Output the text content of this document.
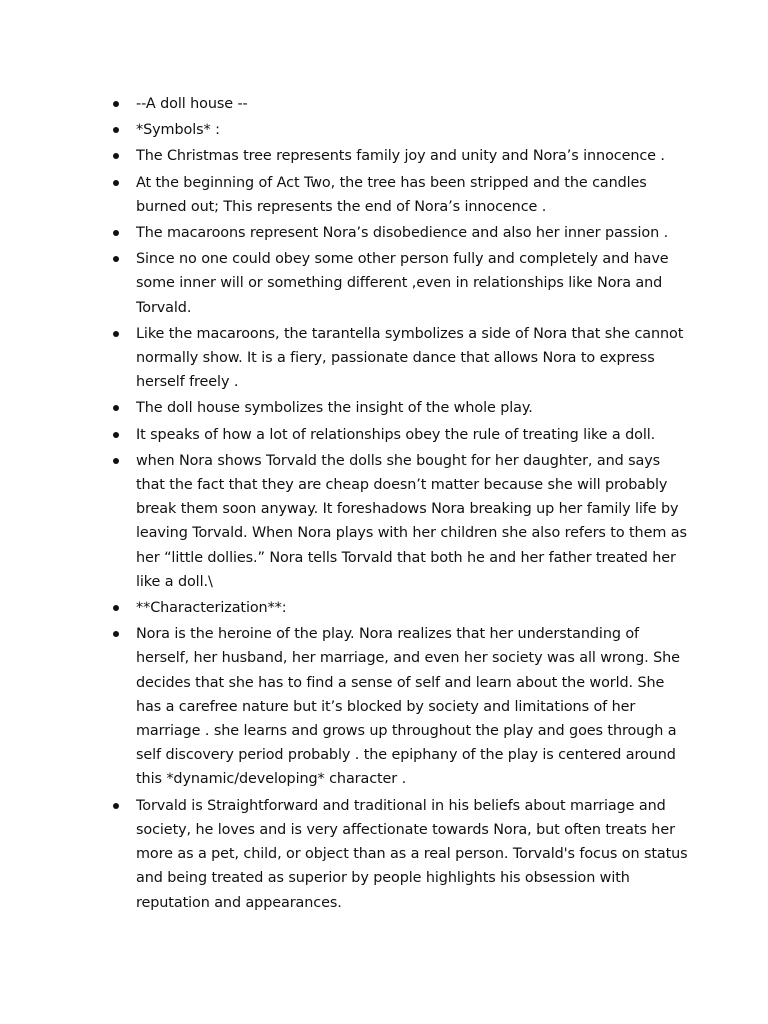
--A doll house --
*Symbols* :
The Christmas tree represents family joy and unity and Nora’s innocence .
At the beginning of Act Two, the tree has been stripped and the candles burned out; This represents the end of Nora’s innocence .
The macaroons represent Nora’s disobedience and also her inner passion .
Since no one could obey some other person fully and completely and have some inner will or something different ,even in relationships like Nora and Torvald.
Like the macaroons, the tarantella symbolizes a side of Nora that she cannot normally show. It is a fiery, passionate dance that allows Nora to express herself freely .
The doll house symbolizes the insight of the whole play.
It speaks of how a lot of relationships obey the rule of treating like a doll.
when Nora shows Torvald the dolls she bought for her daughter, and says that the fact that they are cheap doesn’t matter because she will probably break them soon anyway. It foreshadows Nora breaking up her family life by leaving Torvald. When Nora plays with her children she also refers to them as her “little dollies.” Nora tells Torvald that both he and her father treated her like a doll.\
**Characterization**:
Nora is the heroine of the play. Nora realizes that her understanding of herself, her husband, her marriage, and even her society was all wrong. She decides that she has to find a sense of self and learn about the world. She has a carefree nature but it’s blocked by society and limitations of her marriage . she learns and grows up throughout the play and goes through a self discovery period probably . the epiphany of the play is centered around this *dynamic/developing* character .
Torvald is Straightforward and traditional in his beliefs about marriage and society, he loves and is very affectionate towards Nora, but often treats her more as a pet, child, or object than as a real person. Torvald's focus on status and being treated as superior by people highlights his obsession with reputation and appearances.
